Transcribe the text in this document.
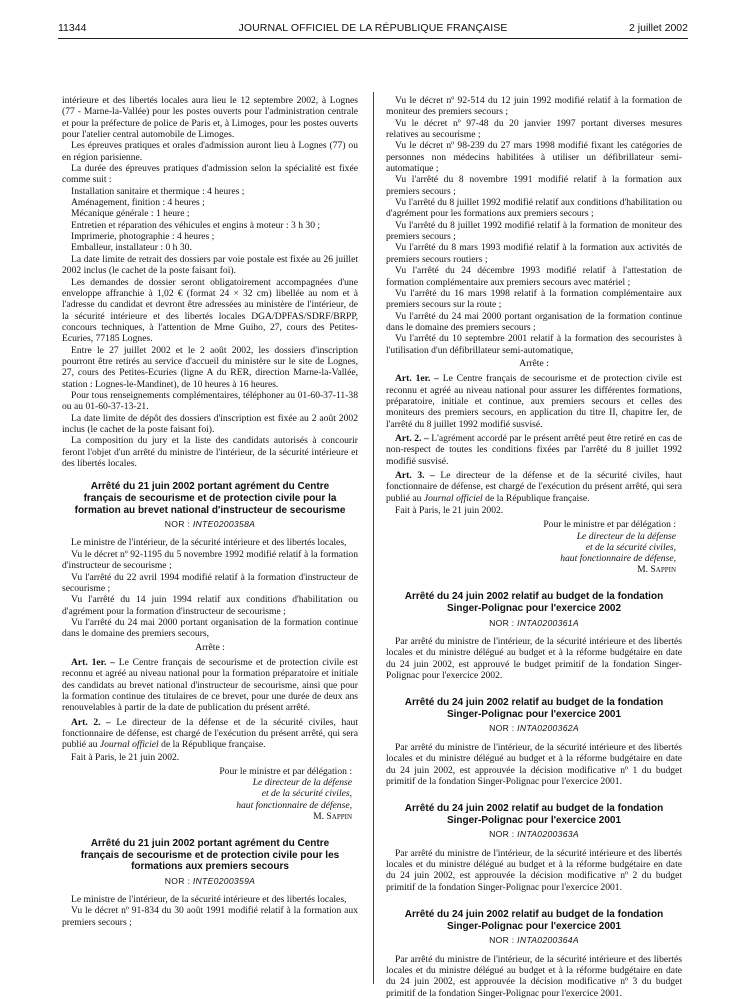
11344	JOURNAL OFFICIEL DE LA RÉPUBLIQUE FRANÇAISE	2 juillet 2002

intérieure et des libertés locales aura lieu le 12 septembre 2002, à Lognes (77 - Marne-la-Vallée) pour les postes ouverts pour l'administration centrale et pour la préfecture de police de Paris et, à Limoges, pour les postes ouverts pour l'atelier central automobile de Limoges.

Les épreuves pratiques et orales d'admission auront lieu à Lognes (77) ou en région parisienne.

La durée des épreuves pratiques d'admission selon la spécialité est fixée comme suit :

Installation sanitaire et thermique : 4 heures ;

Aménagement, finition : 4 heures ;

Mécanique générale : 1 heure ;

Entretien et réparation des véhicules et engins à moteur : 3 h 30 ;

Imprimerie, photographie : 4 heures ;

Emballeur, installateur : 0 h 30.

La date limite de retrait des dossiers par voie postale est fixée au 26 juillet 2002 inclus (le cachet de la poste faisant foi).

Les demandes de dossier seront obligatoirement accompagnées d'une enveloppe affranchie à 1,02 € (format 24 × 32 cm) libellée au nom et à l'adresse du candidat et devront être adressées au ministère de l'intérieur, de la sécurité intérieure et des libertés locales DGA/DPFAS/SDRF/BRPP, concours techniques, à l'attention de Mme Guiho, 27, cours des Petites-Ecuries, 77185 Lognes.

Entre le 27 juillet 2002 et le 2 août 2002, les dossiers d'inscription pourront être retirés au service d'accueil du ministère sur le site de Lognes, 27, cours des Petites-Ecuries (ligne A du RER, direction Marne-la-Vallée, station : Lognes-le-Mandinet), de 10 heures à 16 heures.

Pour tous renseignements complémentaires, téléphoner au 01-60-37-11-38 ou au 01-60-37-13-21.

La date limite de dépôt des dossiers d'inscription est fixée au 2 août 2002 inclus (le cachet de la poste faisant foi).

La composition du jury et la liste des candidats autorisés à concourir feront l'objet d'un arrêté du ministre de l'intérieur, de la sécurité intérieure et des libertés locales.

Arrêté du 21 juin 2002 portant agrément du Centre français de secourisme et de protection civile pour la formation au brevet national d'instructeur de secourisme
NOR : INTE0200358A

Le ministre de l'intérieur, de la sécurité intérieure et des libertés locales,

Vu le décret nº 92-1195 du 5 novembre 1992 modifié relatif à la formation d'instructeur de secourisme ;

Vu l'arrêté du 22 avril 1994 modifié relatif à la formation d'instructeur de secourisme ;

Vu l'arrêté du 14 juin 1994 relatif aux conditions d'habilitation ou d'agrément pour la formation d'instructeur de secourisme ;

Vu l'arrêté du 24 mai 2000 portant organisation de la formation continue dans le domaine des premiers secours,

Arrête :

Art. 1er. – Le Centre français de secourisme et de protection civile est reconnu et agréé au niveau national pour la formation préparatoire et initiale des candidats au brevet national d'instructeur de secourisme, ainsi que pour la formation continue des titulaires de ce brevet, pour une durée de deux ans renouvelables à partir de la date de publication du présent arrêté.

Art. 2. – Le directeur de la défense et de la sécurité civiles, haut fonctionnaire de défense, est chargé de l'exécution du présent arrêté, qui sera publié au Journal officiel de la République française.

Fait à Paris, le 21 juin 2002.

Pour le ministre et par délégation :
Le directeur de la défense
et de la sécurité civiles,
haut fonctionnaire de défense,
M. Sappin
Arrêté du 21 juin 2002 portant agrément du Centre français de secourisme et de protection civile pour les formations aux premiers secours
NOR : INTE0200359A

Le ministre de l'intérieur, de la sécurité intérieure et des libertés locales,

Vu le décret nº 91-834 du 30 août 1991 modifié relatif à la formation aux premiers secours ;

Vu le décret nº 92-514 du 12 juin 1992 modifié relatif à la formation de moniteur des premiers secours ;

Vu le décret nº 97-48 du 20 janvier 1997 portant diverses mesures relatives au secourisme ;

Vu le décret nº 98-239 du 27 mars 1998 modifié fixant les catégories de personnes non médecins habilitées à utiliser un défibrillateur semi-automatique ;

Vu l'arrêté du 8 novembre 1991 modifié relatif à la formation aux premiers secours ;

Vu l'arrêté du 8 juillet 1992 modifié relatif aux conditions d'habilitation ou d'agrément pour les formations aux premiers secours ;

Vu l'arrêté du 8 juillet 1992 modifié relatif à la formation de moniteur des premiers secours ;

Vu l'arrêté du 8 mars 1993 modifié relatif à la formation aux activités de premiers secours routiers ;

Vu l'arrêté du 24 décembre 1993 modifié relatif à l'attestation de formation complémentaire aux premiers secours avec matériel ;

Vu l'arrêté du 16 mars 1998 relatif à la formation complémentaire aux premiers secours sur la route ;

Vu l'arrêté du 24 mai 2000 portant organisation de la formation continue dans le domaine des premiers secours ;

Vu l'arrêté du 10 septembre 2001 relatif à la formation des secouristes à l'utilisation d'un défibrillateur semi-automatique,

Arrête :

Art. 1er. – Le Centre français de secourisme et de protection civile est reconnu et agréé au niveau national pour assurer les différentes formations, préparatoire, initiale et continue, aux premiers secours et celles des moniteurs des premiers secours, en application du titre II, chapitre Ier, de l'arrêté du 8 juillet 1992 modifié susvisé.

Art. 2. – L'agrément accordé par le présent arrêté peut être retiré en cas de non-respect de toutes les conditions fixées par l'arrêté du 8 juillet 1992 modifié susvisé.

Art. 3. – Le directeur de la défense et de la sécurité civiles, haut fonctionnaire de défense, est chargé de l'exécution du présent arrêté, qui sera publié au Journal officiel de la République française.

Fait à Paris, le 21 juin 2002.

Pour le ministre et par délégation :
Le directeur de la défense
et de la sécurité civiles,
haut fonctionnaire de défense,
M. Sappin
Arrêté du 24 juin 2002 relatif au budget de la fondation Singer-Polignac pour l'exercice 2002
NOR : INTA0200361A

Par arrêté du ministre de l'intérieur, de la sécurité intérieure et des libertés locales et du ministre délégué au budget et à la réforme budgétaire en date du 24 juin 2002, est approuvé le budget primitif de la fondation Singer-Polignac pour l'exercice 2002.

Arrêté du 24 juin 2002 relatif au budget de la fondation Singer-Polignac pour l'exercice 2001
NOR : INTA0200362A

Par arrêté du ministre de l'intérieur, de la sécurité intérieure et des libertés locales et du ministre délégué au budget et à la réforme budgétaire en date du 24 juin 2002, est approuvée la décision modificative nº 1 du budget primitif de la fondation Singer-Polignac pour l'exercice 2001.

Arrêté du 24 juin 2002 relatif au budget de la fondation Singer-Polignac pour l'exercice 2001
NOR : INTA0200363A

Par arrêté du ministre de l'intérieur, de la sécurité intérieure et des libertés locales et du ministre délégué au budget et à la réforme budgétaire en date du 24 juin 2002, est approuvée la décision modificative nº 2 du budget primitif de la fondation Singer-Polignac pour l'exercice 2001.

Arrêté du 24 juin 2002 relatif au budget de la fondation Singer-Polignac pour l'exercice 2001
NOR : INTA0200364A

Par arrêté du ministre de l'intérieur, de la sécurité intérieure et des libertés locales et du ministre délégué au budget et à la réforme budgétaire en date du 24 juin 2002, est approuvée la décision modificative nº 3 du budget primitif de la fondation Singer-Polignac pour l'exercice 2001.
